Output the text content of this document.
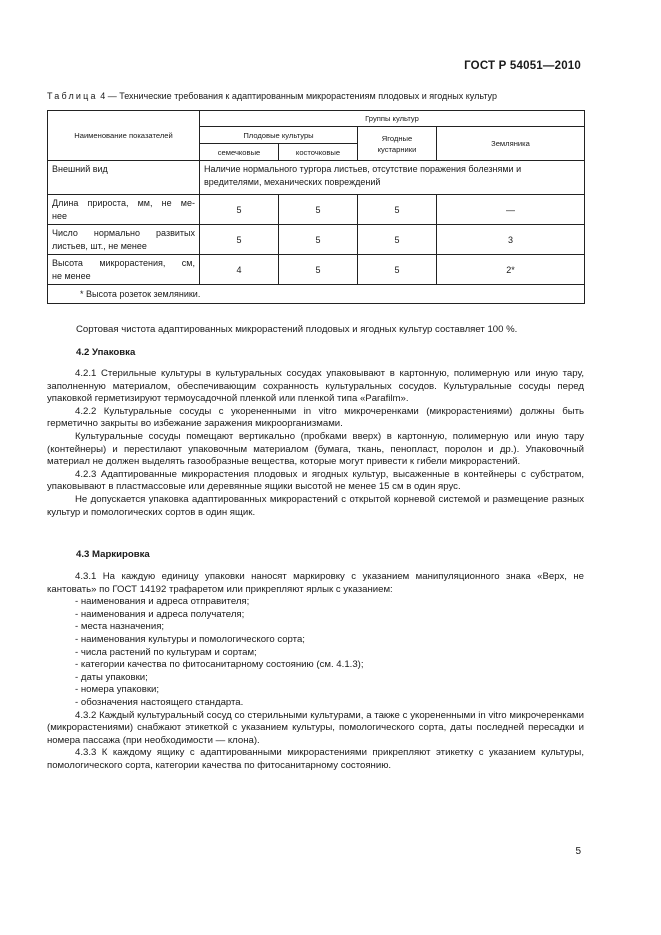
ГОСТ Р 54051—2010
Таблица 4 — Технические требования к адаптированным микрорастениям плодовых и ягодных культур
Наименование показателей	Группы культур			
	Плодовые культуры		Ягодные кустарники	Земляника
	семечковые	косточковые		
Внешний вид	Наличие нормального тургора листьев, отсутствие поражения болезнями и вредителями, механических повреждений			

Длина прироста, мм, не ме-
нее	5	5	5	—

Число нормально развитых
листьев, шт., не менее	5	5	5	3

Высота микрорастения, см,
не менее	4	5	5	2*
* Высота розеток земляники.				

Сортовая чистота адаптированных микрорастений плодовых и ягодных культур составляет 100 %.

4.2 Упаковка

4.2.1 Стерильные культуры в культуральных сосудах упаковывают в картонную, полимерную или иную тару, заполненную материалом, обеспечивающим сохранность культуральных сосудов. Культуральные сосуды перед упаковкой герметизируют термоусадочной пленкой или пленкой типа «Parafilm».

4.2.2 Культуральные сосуды с укорененными in vitro микрочеренками (микрорастениями) должны быть герметично закрыты во избежание заражения микроорганизмами.

Культуральные сосуды помещают вертикально (пробками вверх) в картонную, полимерную или иную тару (контейнеры) и перестилают упаковочным материалом (бумага, ткань, пенопласт, поролон и др.). Упаковочный материал не должен выделять газообразные вещества, которые могут привести к гибели микрорастений.

4.2.3 Адаптированные микрорастения плодовых и ягодных культур, высаженные в контейнеры с субстратом, упаковывают в пластмассовые или деревянные ящики высотой не менее 15 см в один ярус.

Не допускается упаковка адаптированных микрорастений с открытой корневой системой и размещение разных культур и помологических сортов в один ящик.

4.3 Маркировка

4.3.1 На каждую единицу упаковки наносят маркировку с указанием манипуляционного знака «Верх, не кантовать» по ГОСТ 14192 трафаретом или прикрепляют ярлык с указанием:

- наименования и адреса отправителя;

- наименования и адреса получателя;

- места назначения;

- наименования культуры и помологического сорта;

- числа растений по культурам и сортам;

- категории качества по фитосанитарному состоянию (см. 4.1.3);

- даты упаковки;

- номера упаковки;

- обозначения настоящего стандарта.

4.3.2 Каждый культуральный сосуд со стерильными культурами, а также с укорененными in vitro микрочеренками (микрорастениями) снабжают этикеткой с указанием культуры, помологического сорта, даты последней пересадки и номера пассажа (при необходимости — клона).

4.3.3 К каждому ящику с адаптированными микрорастениями прикрепляют этикетку с указанием культуры, помологического сорта, категории качества по фитосанитарному состоянию.

5
